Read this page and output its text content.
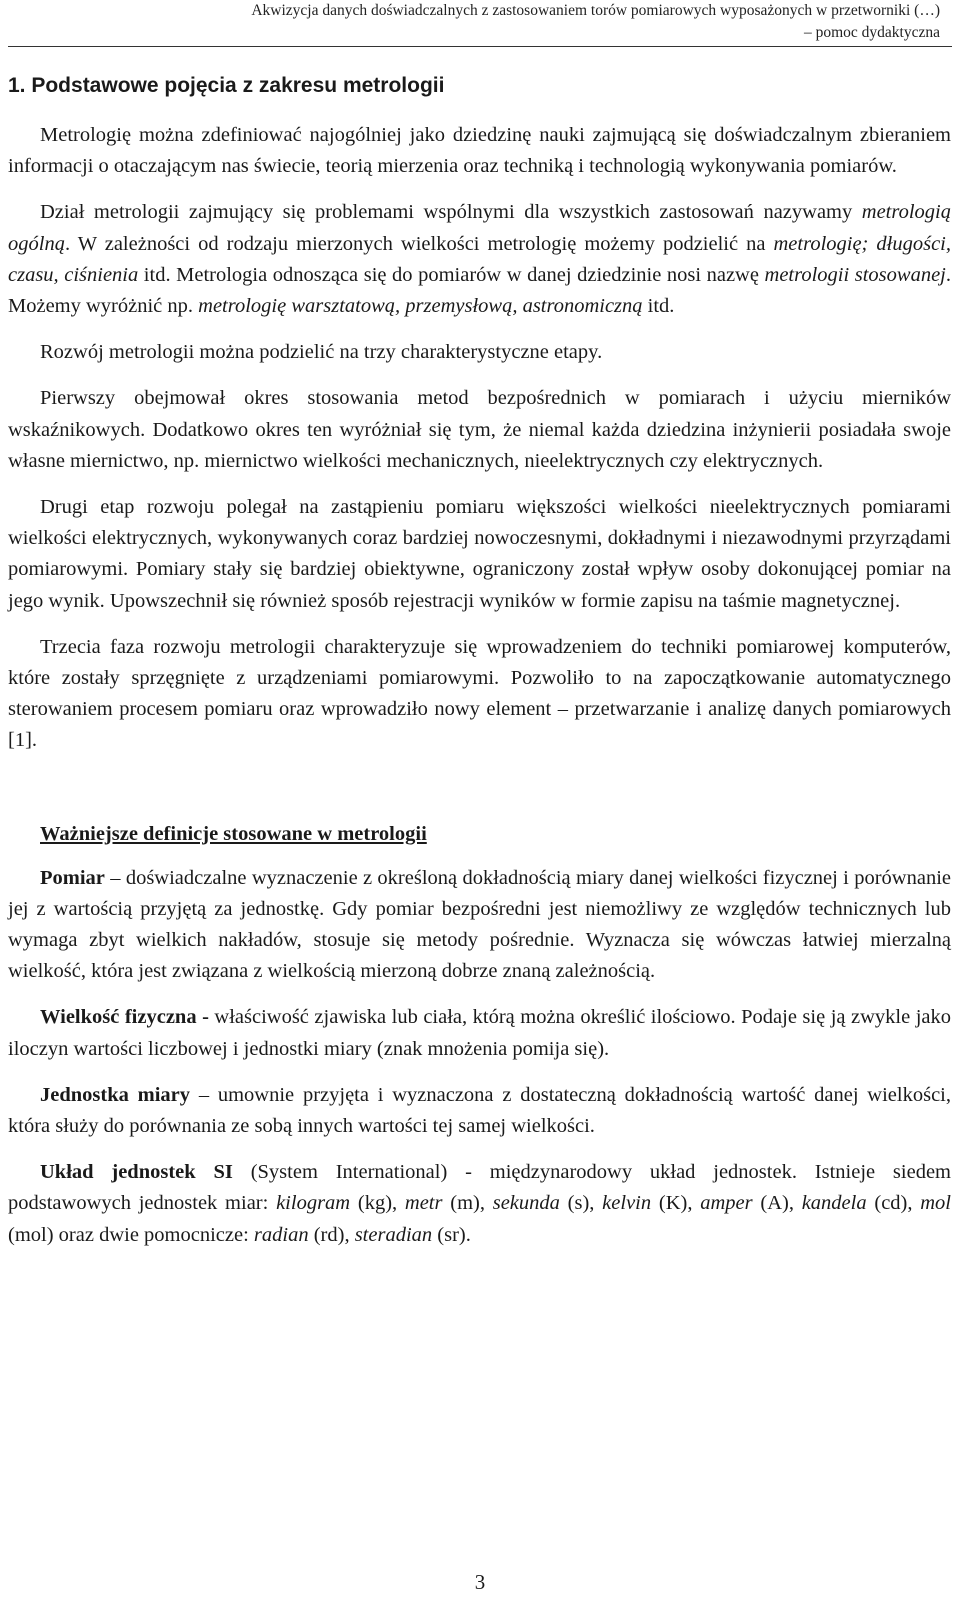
Akwizycja danych doświadczalnych z zastosowaniem torów pomiarowych wyposażonych w przetworniki (…)
– pomoc dydaktyczna
1. Podstawowe pojęcia z zakresu metrologii

Metrologię można zdefiniować najogólniej jako dziedzinę nauki zajmującą się doświadczalnym zbieraniem informacji o otaczającym nas świecie, teorią mierzenia oraz techniką i technologią wykonywania pomiarów.

Dział metrologii zajmujący się problemami wspólnymi dla wszystkich zastosowań nazywamy metrologią ogólną. W zależności od rodzaju mierzonych wielkości metrologię możemy podzielić na metrologię; długości, czasu, ciśnienia itd. Metrologia odnosząca się do pomiarów w danej dziedzinie nosi nazwę metrologii stosowanej. Możemy wyróżnić np. metrologię warsztatową, przemysłową, astronomiczną itd.

Rozwój metrologii można podzielić na trzy charakterystyczne etapy.

Pierwszy obejmował okres stosowania metod bezpośrednich w pomiarach i użyciu mierników wskaźnikowych. Dodatkowo okres ten wyróżniał się tym, że niemal każda dziedzina inżynierii posiadała swoje własne miernictwo, np. miernictwo wielkości mechanicznych, nieelektrycznych czy elektrycznych.

Drugi etap rozwoju polegał na zastąpieniu pomiaru większości wielkości nieelektrycznych pomiarami wielkości elektrycznych, wykonywanych coraz bardziej nowoczesnymi, dokładnymi i niezawodnymi przyrządami pomiarowymi. Pomiary stały się bardziej obiektywne, ograniczony został wpływ osoby dokonującej pomiar na jego wynik. Upowszechnił się również sposób rejestracji wyników w formie zapisu na taśmie magnetycznej.

Trzecia faza rozwoju metrologii charakteryzuje się wprowadzeniem do techniki pomiarowej komputerów, które zostały sprzęgnięte z urządzeniami pomiarowymi. Pozwoliło to na zapoczątkowanie automatycznego sterowaniem procesem pomiaru oraz wprowadziło nowy element – przetwarzanie i analizę danych pomiarowych [1].

Ważniejsze definicje stosowane w metrologii

Pomiar – doświadczalne wyznaczenie z określoną dokładnością miary danej wielkości fizycznej i porównanie jej z wartością przyjętą za jednostkę. Gdy pomiar bezpośredni jest niemożliwy ze względów technicznych lub wymaga zbyt wielkich nakładów, stosuje się metody pośrednie. Wyznacza się wówczas łatwiej mierzalną wielkość, która jest związana z wielkością mierzoną dobrze znaną zależnością.

Wielkość fizyczna - właściwość zjawiska lub ciała, którą można określić ilościowo. Podaje się ją zwykle jako iloczyn wartości liczbowej i jednostki miary (znak mnożenia pomija się).

Jednostka miary – umownie przyjęta i wyznaczona z dostateczną dokładnością wartość danej wielkości, która służy do porównania ze sobą innych wartości tej samej wielkości.

Układ jednostek SI (System International) - międzynarodowy układ jednostek. Istnieje siedem podstawowych jednostek miar: kilogram (kg), metr (m), sekunda (s), kelvin (K), amper (A), kandela (cd), mol (mol) oraz dwie pomocnicze: radian (rd), steradian (sr).

3
